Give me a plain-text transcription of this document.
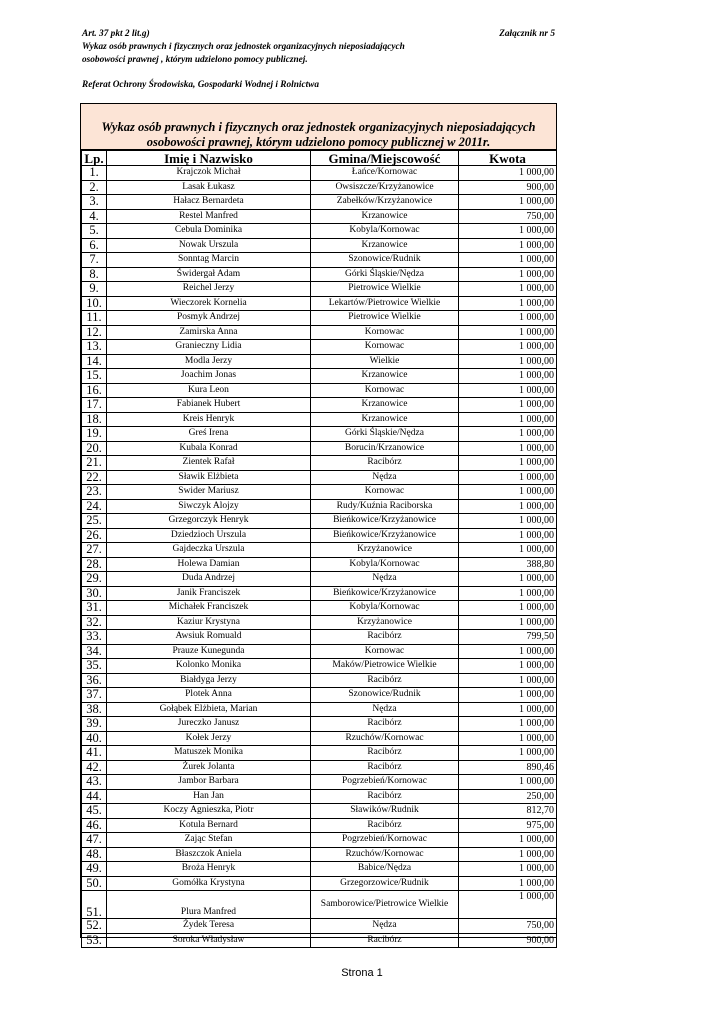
Art. 37 pkt 2 lit.g)
Wykaz osób prawnych i fizycznych oraz jednostek organizacyjnych nieposiadających
osobowości prawnej , którym udzielono pomocy publicznej.
Załącznik nr 5
Referat Ochrony Środowiska, Gospodarki Wodnej i Rolnictwa
Wykaz osób prawnych i fizycznych oraz jednostek organizacyjnych nieposiadających
osobowości prawnej, którym udzielono pomocy publicznej w 2011r.
Lp.	Imię i Nazwisko	Gmina/Miejscowość	Kwota
1.	Krajczok Michał	Łańce/Kornowac	1 000,00
2.	Lasak Łukasz	Owsiszcze/Krzyżanowice	900,00
3.	Hałacz Bernardeta	Zabełków/Krzyżanowice	1 000,00
4.	Restel Manfred	Krzanowice	750,00
5.	Cebula Dominika	Kobyla/Kornowac	1 000,00
6.	Nowak Urszula	Krzanowice	1 000,00
7.	Sonntag Marcin	Szonowice/Rudnik	1 000,00
8.	Świdergał Adam	Górki Śląskie/Nędza	1 000,00
9.	Reichel Jerzy	Pietrowice Wielkie	1 000,00
10.	Wieczorek Kornelia	Lekartów/Pietrowice Wielkie	1 000,00
11.	Posmyk Andrzej	Pietrowice Wielkie	1 000,00
12.	Zamirska Anna	Kornowac	1 000,00
13.	Granieczny Lidia	Kornowac	1 000,00
14.	Modla Jerzy	Wielkie	1 000,00
15.	Joachim Jonas	Krzanowice	1 000,00
16.	Kura Leon	Kornowac	1 000,00
17.	Fabianek Hubert	Krzanowice	1 000,00
18.	Kreis Henryk	Krzanowice	1 000,00
19.	Greś Irena	Górki Śląskie/Nędza	1 000,00
20.	Kubala Konrad	Borucin/Krzanowice	1 000,00
21.	Zientek Rafał	Racibórz	1 000,00
22.	Sławik Elżbieta	Nędza	1 000,00
23.	Swider Mariusz	Kornowac	1 000,00
24.	Siwczyk Alojzy	Rudy/Kuźnia Raciborska	1 000,00
25.	Grzegorczyk Henryk	Bieńkowice/Krzyżanowice	1 000,00
26.	Dziedzioch Urszula	Bieńkowice/Krzyżanowice	1 000,00
27.	Gajdeczka Urszula	Krzyżanowice	1 000,00
28.	Holewa Damian	Kobyla/Kornowac	388,80
29.	Duda Andrzej	Nędza	1 000,00
30.	Janik Franciszek	Bieńkowice/Krzyżanowice	1 000,00
31.	Michałek Franciszek	Kobyla/Kornowac	1 000,00
32.	Kaziur Krystyna	Krzyżanowice	1 000,00
33.	Awsiuk Romuald	Racibórz	799,50
34.	Prauze Kunegunda	Kornowac	1 000,00
35.	Kolonko Monika	Maków/Pietrowice Wielkie	1 000,00
36.	Białdyga Jerzy	Racibórz	1 000,00
37.	Plotek Anna	Szonowice/Rudnik	1 000,00
38.	Gołąbek Elżbieta, Marian	Nędza	1 000,00
39.	Jureczko Janusz	Racibórz	1 000,00
40.	Kołek Jerzy	Rzuchów/Kornowac	1 000,00
41.	Matuszek Monika	Racibórz	1 000,00
42.	Żurek Jolanta	Racibórz	890,46
43.	Jambor Barbara	Pogrzebień/Kornowac	1 000,00
44.	Han Jan	Racibórz	250,00
45.	Koczy Agnieszka, Piotr	Sławików/Rudnik	812,70
46.	Kotula Bernard	Racibórz	975,00
47.	Zając Stefan	Pogrzebień/Kornowac	1 000,00
48.	Błaszczok Aniela	Rzuchów/Kornowac	1 000,00
49.	Broża Henryk	Babice/Nędza	1 000,00
50.	Gomółka Krystyna	Grzegorzowice/Rudnik	1 000,00
51.	Plura Manfred	Samborowice/Pietrowice Wielkie	1 000,00
52.	Żydek Teresa	Nędza	750,00
53.	Soroka Władysław	Racibórz	900,00
Strona 1
